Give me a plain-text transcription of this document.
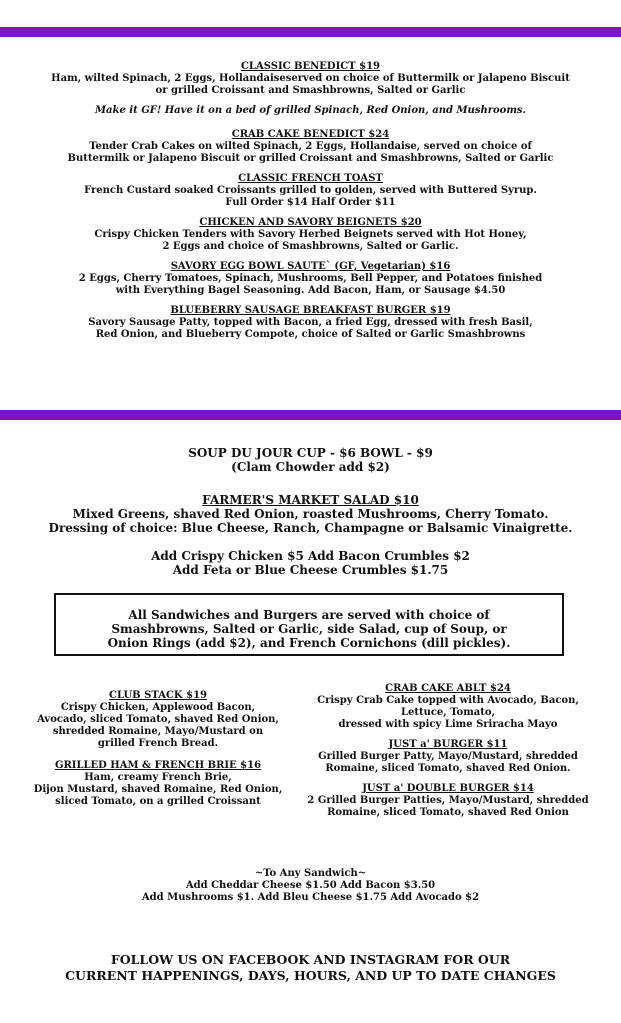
CLASSIC BENEDICT $19
Ham, wilted Spinach, 2 Eggs, Hollandaiseserved on choice of Buttermilk or Jalapeno Biscuit
or grilled Croissant and Smashbrowns, Salted or Garlic
Make it GF! Have it on a bed of grilled Spinach, Red Onion, and Mushrooms.
CRAB CAKE BENEDICT $24
Tender Crab Cakes on wilted Spinach, 2 Eggs, Hollandaise, served on choice of
Buttermilk or Jalapeno Biscuit or grilled Croissant and Smashbrowns, Salted or Garlic
CLASSIC FRENCH TOAST
French Custard soaked Croissants grilled to golden, served with Buttered Syrup.
Full Order $14 Half Order $11
CHICKEN AND SAVORY BEIGNETS $20
Crispy Chicken Tenders with Savory Herbed Beignets served with Hot Honey,
2 Eggs and choice of Smashbrowns, Salted or Garlic.
SAVORY EGG BOWL SAUTE` (GF, Vegetarian) $16
2 Eggs, Cherry Tomatoes, Spinach, Mushrooms, Bell Pepper, and Potatoes finished
with Everything Bagel Seasoning. Add Bacon, Ham, or Sausage $4.50
BLUEBERRY SAUSAGE BREAKFAST BURGER $19
Savory Sausage Patty, topped with Bacon, a fried Egg, dressed with fresh Basil,
Red Onion, and Blueberry Compote, choice of Salted or Garlic Smashbrowns
SOUP DU JOUR CUP - $6 BOWL - $9
(Clam Chowder add $2)
FARMER'S MARKET SALAD $10
Mixed Greens, shaved Red Onion, roasted Mushrooms, Cherry Tomato.
Dressing of choice: Blue Cheese, Ranch, Champagne or Balsamic Vinaigrette.
Add Crispy Chicken $5 Add Bacon Crumbles $2
Add Feta or Blue Cheese Crumbles $1.75
All Sandwiches and Burgers are served with choice of
Smashbrowns, Salted or Garlic, side Salad, cup of Soup, or
Onion Rings (add $2), and French Cornichons (dill pickles).
CLUB STACK $19
Crispy Chicken, Applewood Bacon,
Avocado, sliced Tomato, shaved Red Onion,
shredded Romaine, Mayo/Mustard on
grilled French Bread.
GRILLED HAM & FRENCH BRIE $16
Ham, creamy French Brie,
Dijon Mustard, shaved Romaine, Red Onion,
sliced Tomato, on a grilled Croissant
CRAB CAKE ABLT $24
Crispy Crab Cake topped with Avocado, Bacon,
Lettuce, Tomato,
dressed with spicy Lime Sriracha Mayo
JUST a' BURGER $11
Grilled Burger Patty, Mayo/Mustard, shredded
Romaine, sliced Tomato, shaved Red Onion.
JUST a' DOUBLE BURGER $14
2 Grilled Burger Patties, Mayo/Mustard, shredded
Romaine, sliced Tomato, shaved Red Onion
~To Any Sandwich~
Add Cheddar Cheese $1.50 Add Bacon $3.50
Add Mushrooms $1. Add Bleu Cheese $1.75 Add Avocado $2
FOLLOW US ON FACEBOOK AND INSTAGRAM FOR OUR
CURRENT HAPPENINGS, DAYS, HOURS, AND UP TO DATE CHANGES
